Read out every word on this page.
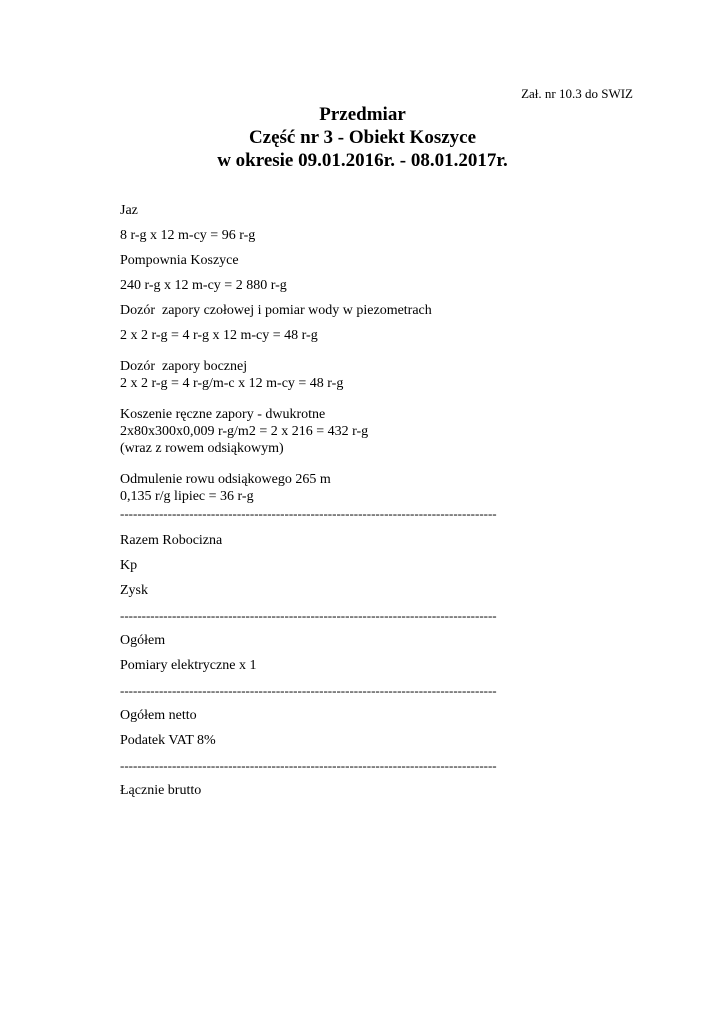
Zał. nr 10.3 do SWIZ
Przedmiar
Część nr 3 - Obiekt Koszyce
w okresie 09.01.2016r. - 08.01.2017r.
Jaz
8 r-g x 12 m-cy = 96 r-g
Pompownia Koszyce
240 r-g x 12 m-cy = 2 880 r-g
Dozór  zapory czołowej i pomiar wody w piezometrach
2 x 2 r-g = 4 r-g x 12 m-cy = 48 r-g
Dozór  zapory bocznej
2 x 2 r-g = 4 r-g/m-c x 12 m-cy = 48 r-g
Koszenie ręczne zapory - dwukrotne
2x80x300x0,009 r-g/m2 = 2 x 216 = 432 r-g
(wraz z rowem odsiąkowym)
Odmulenie rowu odsiąkowego 265 m
0,135 r/g lipiec = 36 r-g
---------------------------------------------------------------------------------------
Razem Robocizna
Kp
Zysk
---------------------------------------------------------------------------------------
Ogółem
Pomiary elektryczne x 1
---------------------------------------------------------------------------------------
Ogółem netto
Podatek VAT 8%
---------------------------------------------------------------------------------------
Łącznie brutto
